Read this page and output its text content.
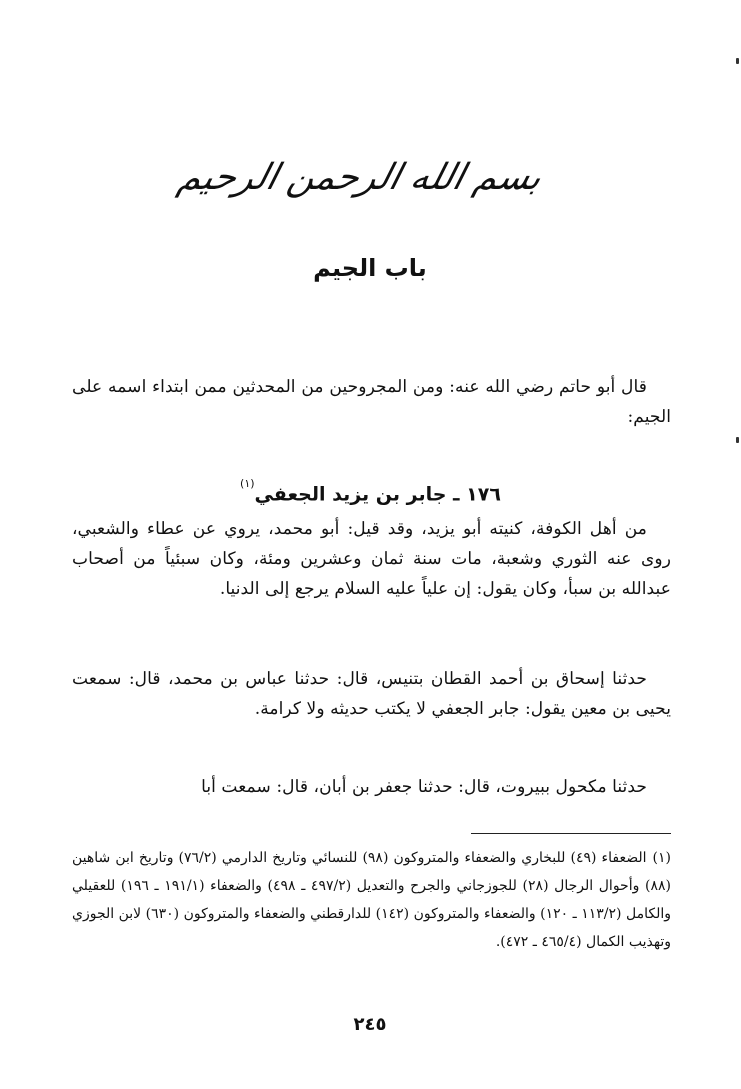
بسم الله الرحمن الرحيم
باب الجيم

قال أبو حاتم رضي الله عنه: ومن المجروحين من المحدثين ممن ابتداء اسمه على الجيم:

١٧٦ ـ جابر بن يزيد الجعفي$^{(١)}$

من أهل الكوفة، كنيته أبو يزيد، وقد قيل: أبو محمد، يروي عن عطاء والشعبي، روى عنه الثوري وشعبة، مات سنة ثمان وعشرين ومئة، وكان سبئياً من أصحاب عبدالله بن سبأ، وكان يقول: إن علياً عليه السلام يرجع إلى الدنيا.

حدثنا إسحاق بن أحمد القطان بتنيس، قال: حدثنا عباس بن محمد، قال: سمعت يحيى بن معين يقول: جابر الجعفي لا يكتب حديثه ولا كرامة.

حدثنا مكحول ببيروت، قال: حدثنا جعفر بن أبان، قال: سمعت أبا

(١)الضعفاء (٤٩) للبخاري والضعفاء والمتروكون (٩٨) للنسائي وتاريخ الدارمي (٧٦/٢) وتاريخ ابن شاهين (٨٨) وأحوال الرجال (٢٨) للجوزجاني والجرح والتعديل (٤٩٧/٢ ـ ٤٩٨) والضعفاء (١٩١/١ ـ ١٩٦) للعقيلي والكامل (١١٣/٢ ـ ١٢٠) والضعفاء والمتروكون (١٤٢) للدارقطني والضعفاء والمتروكون (٦٣٠) لابن الجوزي وتهذيب الكمال (٤٦٥/٤ ـ ٤٧٢).
٢٤٥
